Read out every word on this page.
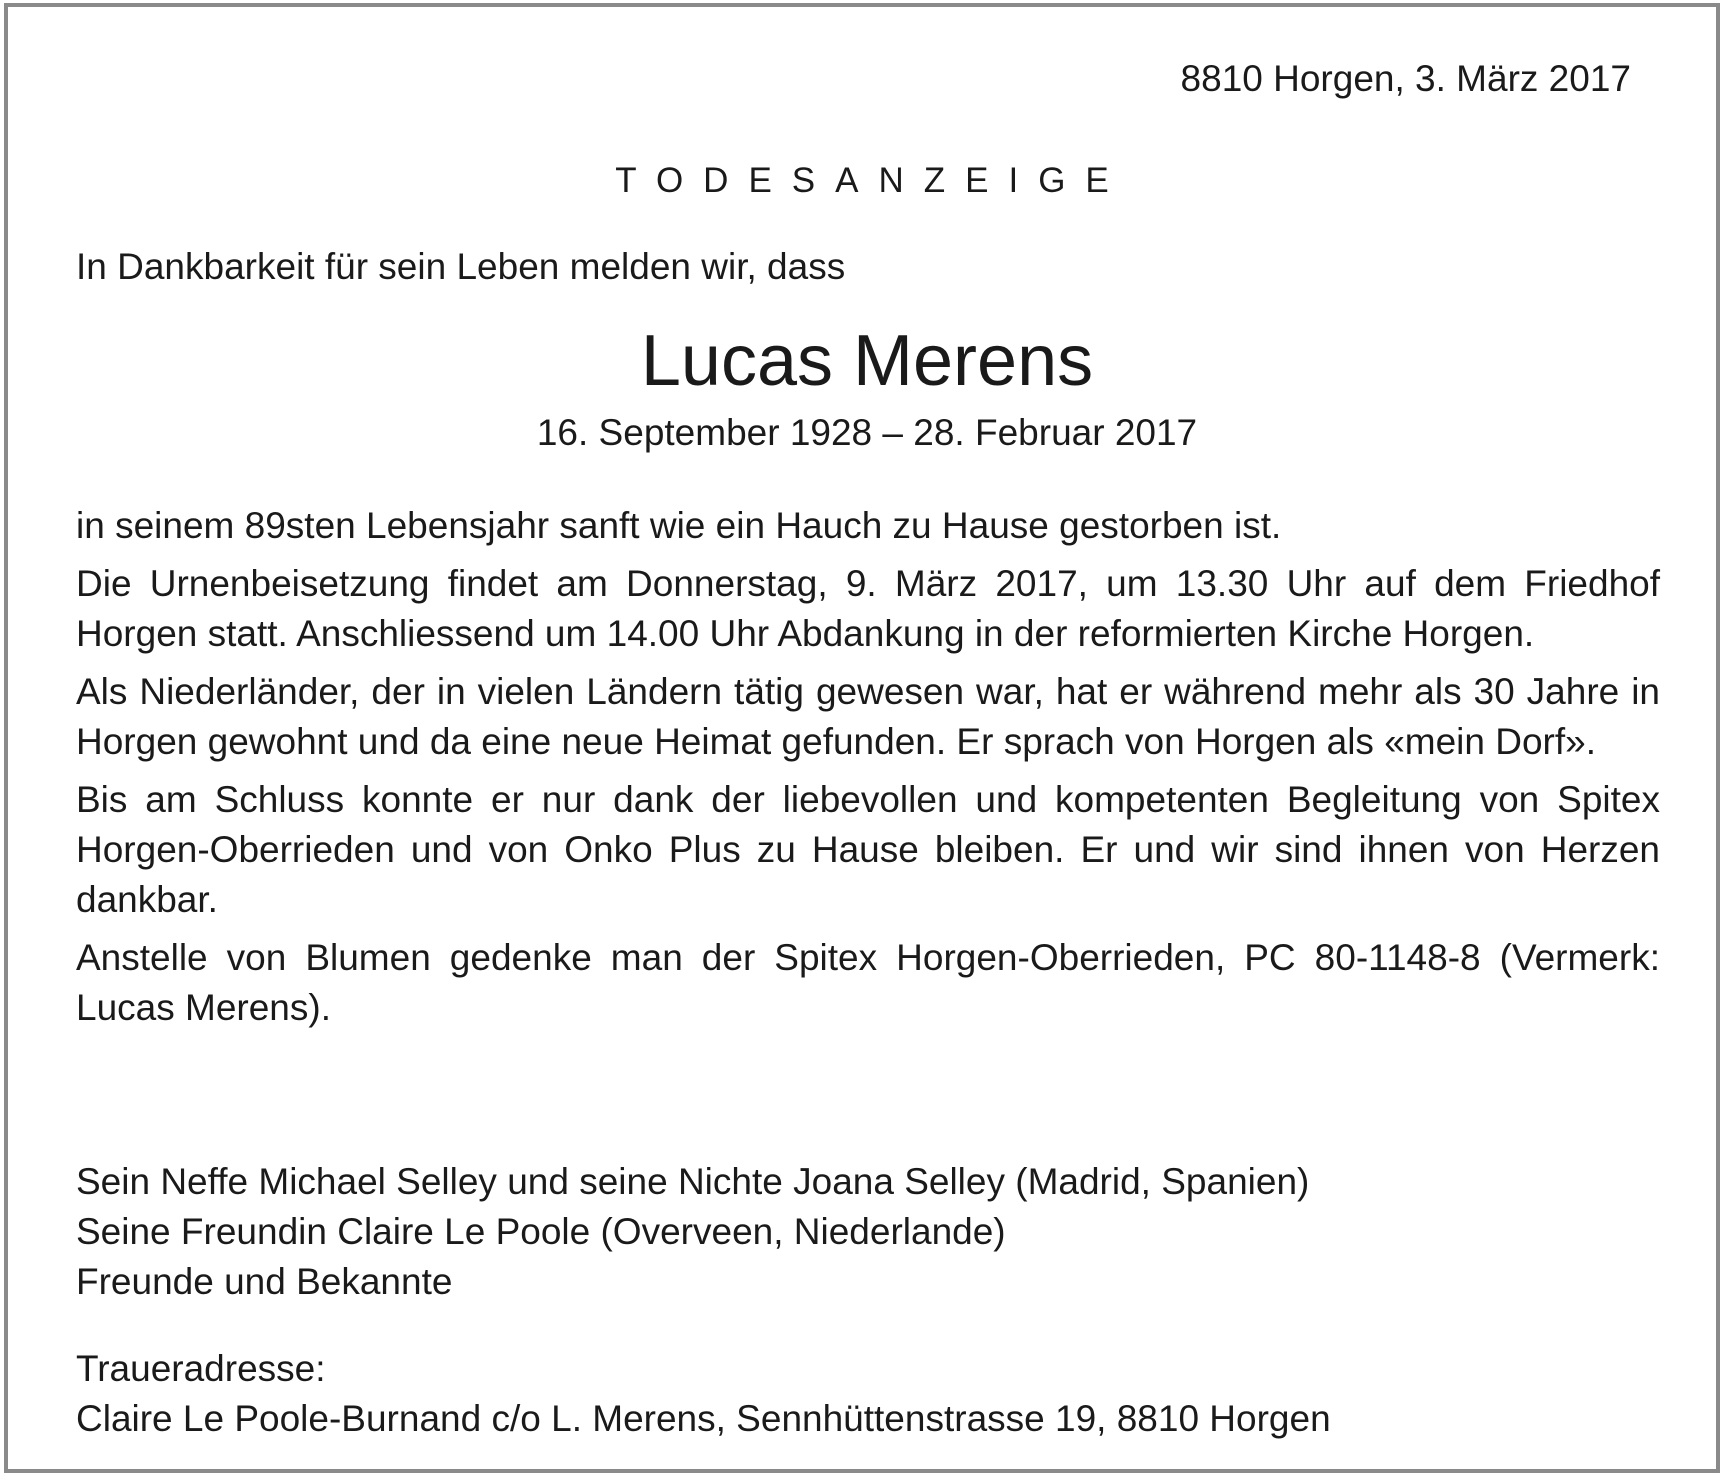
8810 Horgen, 3. März 2017
TODESANZEIGE
In Dankbarkeit für sein Leben melden wir, dass
Lucas Merens
16. September 1928 – 28. Februar 2017

in seinem 89sten Lebensjahr sanft wie ein Hauch zu Hause gestorben ist.

Die Urnenbeisetzung findet am Donnerstag, 9. März 2017, um 13.30 Uhr auf dem Friedhof Horgen statt. Anschliessend um 14.00 Uhr Abdankung in der reformierten Kirche Horgen.

Als Niederländer, der in vielen Ländern tätig gewesen war, hat er während mehr als 30 Jahre in Horgen gewohnt und da eine neue Heimat gefunden. Er sprach von Horgen als «mein Dorf».

Bis am Schluss konnte er nur dank der liebevollen und kompetenten Begleitung von Spitex Horgen-Oberrieden und von Onko Plus zu Hause bleiben. Er und wir sind ihnen von Herzen dankbar.

Anstelle von Blumen gedenke man der Spitex Horgen-Oberrieden, PC 80-1148-8 (Vermerk: Lucas Merens).

Sein Neffe Michael Selley und seine Nichte Joana Selley (Madrid, Spanien)
Seine Freundin Claire Le Poole (Overveen, Niederlande)
Freunde und Bekannte
Traueradresse:
Claire Le Poole-Burnand c/o L. Merens, Sennhüttenstrasse 19, 8810 Horgen
